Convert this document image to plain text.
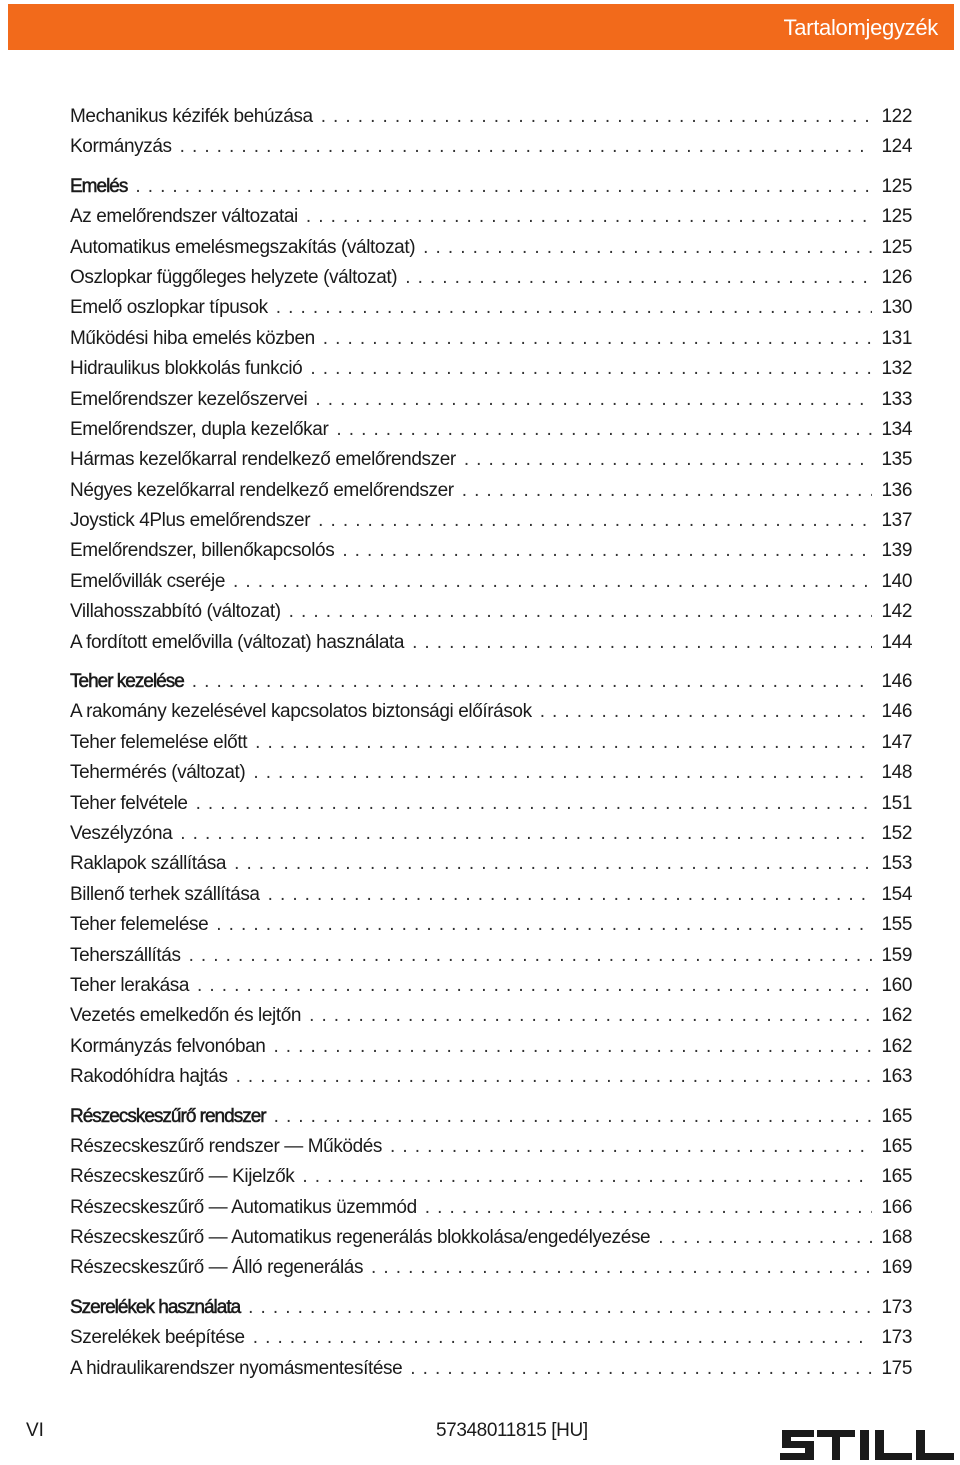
Tartalomjegyzék
Mechanikus kézifék behúzása . . .	122
Kormányzás . . .	124
Emelés . . .	125
Az emelőrendszer változatai . . .	125
Automatikus emelésmegszakítás (változat) . . .	125
Oszlopkar függőleges helyzete (változat) . . .	126
Emelő oszlopkar típusok . . .	130
Működési hiba emelés közben . . .	131
Hidraulikus blokkolás funkció . . .	132
Emelőrendszer kezelőszervei . . .	133
Emelőrendszer, dupla kezelőkar . . .	134
Hármas kezelőkarral rendelkező emelőrendszer . . .	135
Négyes kezelőkarral rendelkező emelőrendszer . . .	136
Joystick 4Plus emelőrendszer . . .	137
Emelőrendszer, billenőkapcsolós . . .	139
Emelővillák cseréje . . .	140
Villahosszabbító (változat) . . .	142
A fordított emelővilla (változat) használata . . .	144
Teher kezelése . . .	146
A rakomány kezelésével kapcsolatos biztonsági előírások . . .	146
Teher felemelése előtt . . .	147
Tehermérés (változat) . . .	148
Teher felvétele . . .	151
Veszélyzóna . . .	152
Raklapok szállítása . . .	153
Billenő terhek szállítása . . .	154
Teher felemelése . . .	155
Teherszállítás . . .	159
Teher lerakása . . .	160
Vezetés emelkedőn és lejtőn . . .	162
Kormányzás felvonóban . . .	162
Rakodóhídra hajtás . . .	163
Részecskeszűrő rendszer . . .	165
Részecskeszűrő rendszer — Működés . . .	165
Részecskeszűrő — Kijelzők . . .	165
Részecskeszűrő — Automatikus üzemmód . . .	166
Részecskeszűrő — Automatikus regenerálás blokkolása/engedélyezése . . .	168
Részecskeszűrő — Álló regenerálás . . .	169
Szerelékek használata . . .	173
Szerelékek beépítése . . .	173
A hidraulikarendszer nyomásmentesítése . . .	175
VI	57348011815 [HU]
